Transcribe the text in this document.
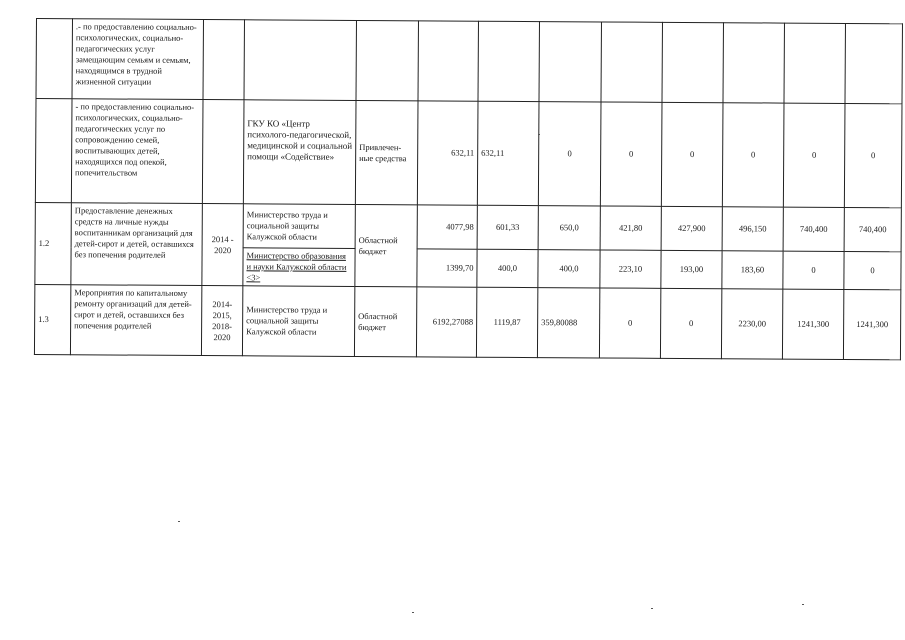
	.- по предоставлению социально-психологических, социально-педагогических услуг замещающим семьям и семьям, находящимся в трудной жизненной ситуации											
	- по предоставлению социально-психологических, социально-педагогических услуг по сопровождению семей, воспитывающих детей, находящихся под опекой, попечительством		ГКУ КО «Центр психолого-педагогической, медицинской и социальной помощи «Содействие»	Привлечен-ные средства	632,11	632,11	0	0	0	0	0	0
1.2	Предоставление денежных средств на личные нужды воспитанникам организаций для детей-сирот и детей, оставшихся без попечения родителей	2014 - 2020	Министерство труда и социальной защиты Калужской области	Областной бюджет	4077,98	601,33	650,0	421,80	427,900	496,150	740,400	740,400
			Министерство образования и науки Калужской области <3>		1399,70	400,0	400,0	223,10	193,00	183,60	0	0
1.3	Мероприятия по капитальному ремонту организаций для детей-сирот и детей, оставшихся без попечения родителей	2014-2015, 2018-2020	Министерство труда и социальной защиты Калужской области	Областной бюджет	6192,27088	1119,87	359,80088	0	0	2230,00	1241,300	1241,300
